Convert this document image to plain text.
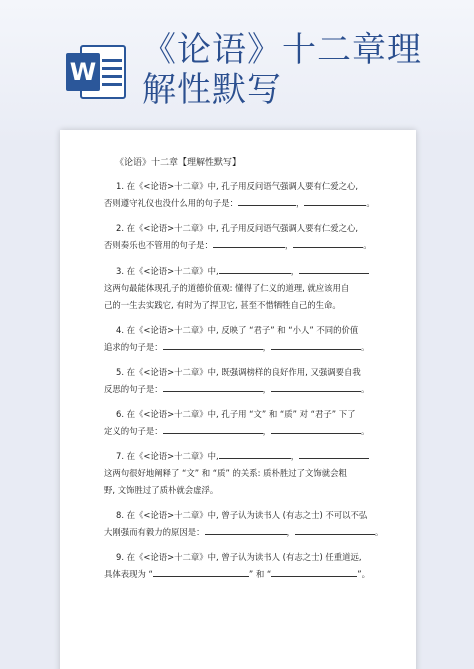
W
《论语》十二章理
解性默写
《论语》十二章【理解性默写】
1. 在《<论语>十二章》中, 孔子用反问语气强调人要有仁爱之心,
否则遵守礼仪也没什么用的句子是：	，	。
2. 在《<论语>十二章》中, 孔子用反问语气强调人要有仁爱之心,
否则奏乐也不管用的句子是：	，	。
3. 在《<论语>十二章》中,	，
这两句最能体现孔子的道德价值观: 懂得了仁义的道理, 就应该用自
己的一生去实践它, 有时为了捍卫它, 甚至不惜牺牲自己的生命。
4. 在《<论语>十二章》中, 反映了 “君子” 和 “小人” 不同的价值
追求的句子是：	，	。
5. 在《<论语>十二章》中, 既强调榜样的良好作用, 又强调要自我
反思的句子是：	，	。
6. 在《<论语>十二章》中, 孔子用 “文” 和 “质” 对 “君子” 下了
定义的句子是：	，	。
7. 在《<论语>十二章》中,	，
这两句很好地阐释了 “文” 和 “质” 的关系: 质朴胜过了文饰就会粗
野, 文饰胜过了质朴就会虚浮。
8. 在《<论语>十二章》中, 曾子认为读书人 (有志之士) 不可以不弘
大刚强而有毅力的原因是：	，	。
9. 在《<论语>十二章》中, 曾子认为读书人 (有志之士) 任重道远,
具体表现为 “	” 和 “	”。
